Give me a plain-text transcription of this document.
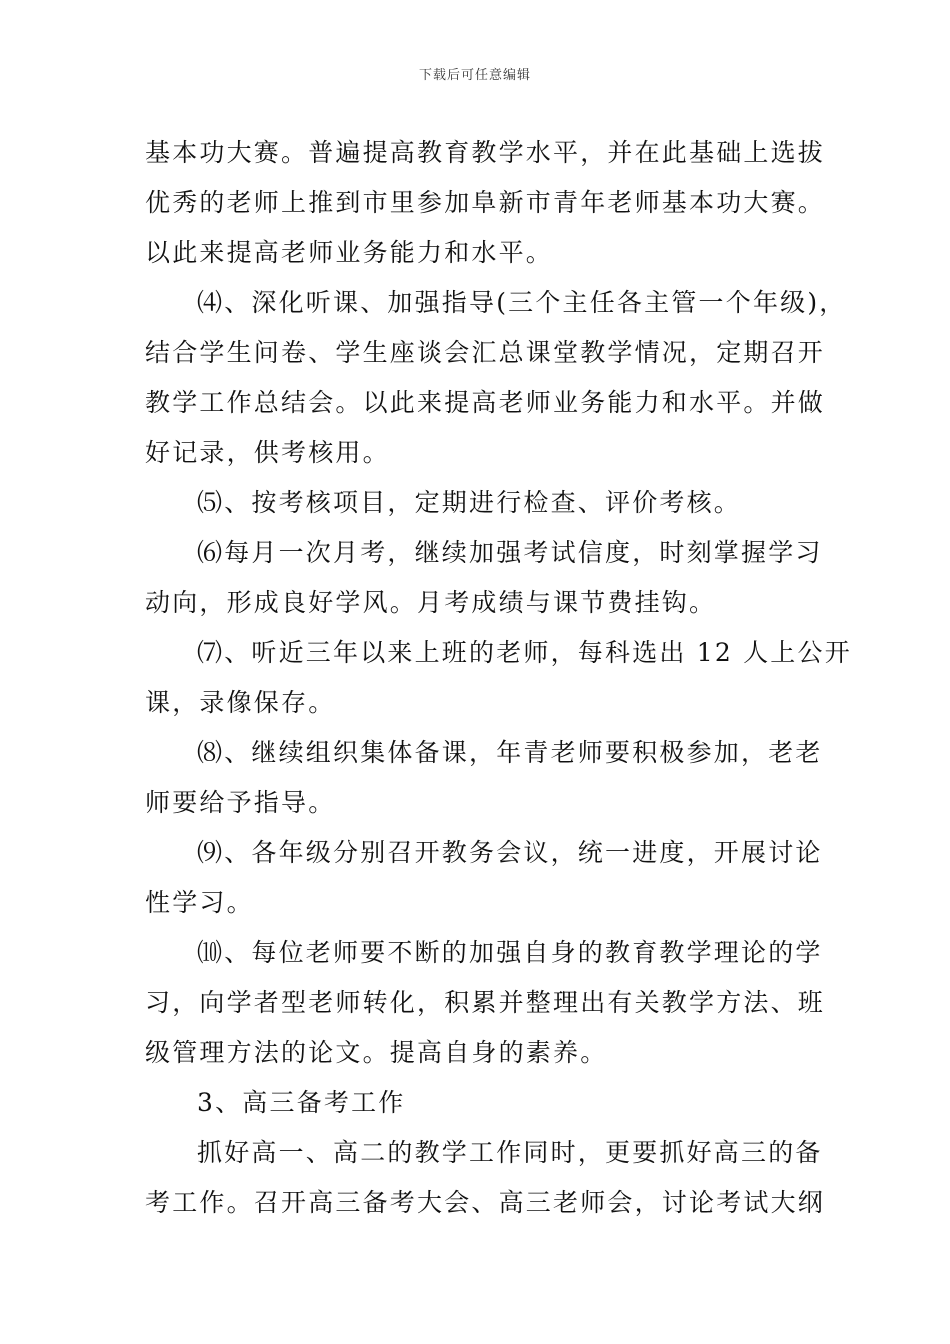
下载后可任意编辑
基本功大赛。普遍提高教育教学水平，并在此基础上选拔
优秀的老师上推到市里参加阜新市青年老师基本功大赛。
以此来提高老师业务能力和水平。
⑷、深化听课、加强指导(三个主任各主管一个年级)，
结合学生问卷、学生座谈会汇总课堂教学情况，定期召开
教学工作总结会。以此来提高老师业务能力和水平。并做
好记录，供考核用。
⑸、按考核项目，定期进行检查、评价考核。
⑹每月一次月考，继续加强考试信度，时刻掌握学习
动向，形成良好学风。月考成绩与课节费挂钩。
⑺、听近三年以来上班的老师，每科选出 12 人上公开
课，录像保存。
⑻、继续组织集体备课，年青老师要积极参加，老老
师要给予指导。
⑼、各年级分别召开教务会议，统一进度，开展讨论
性学习。
⑽、每位老师要不断的加强自身的教育教学理论的学
习，向学者型老师转化，积累并整理出有关教学方法、班
级管理方法的论文。提高自身的素养。
3、高三备考工作
抓好高一、高二的教学工作同时，更要抓好高三的备
考工作。召开高三备考大会、高三老师会，讨论考试大纲
